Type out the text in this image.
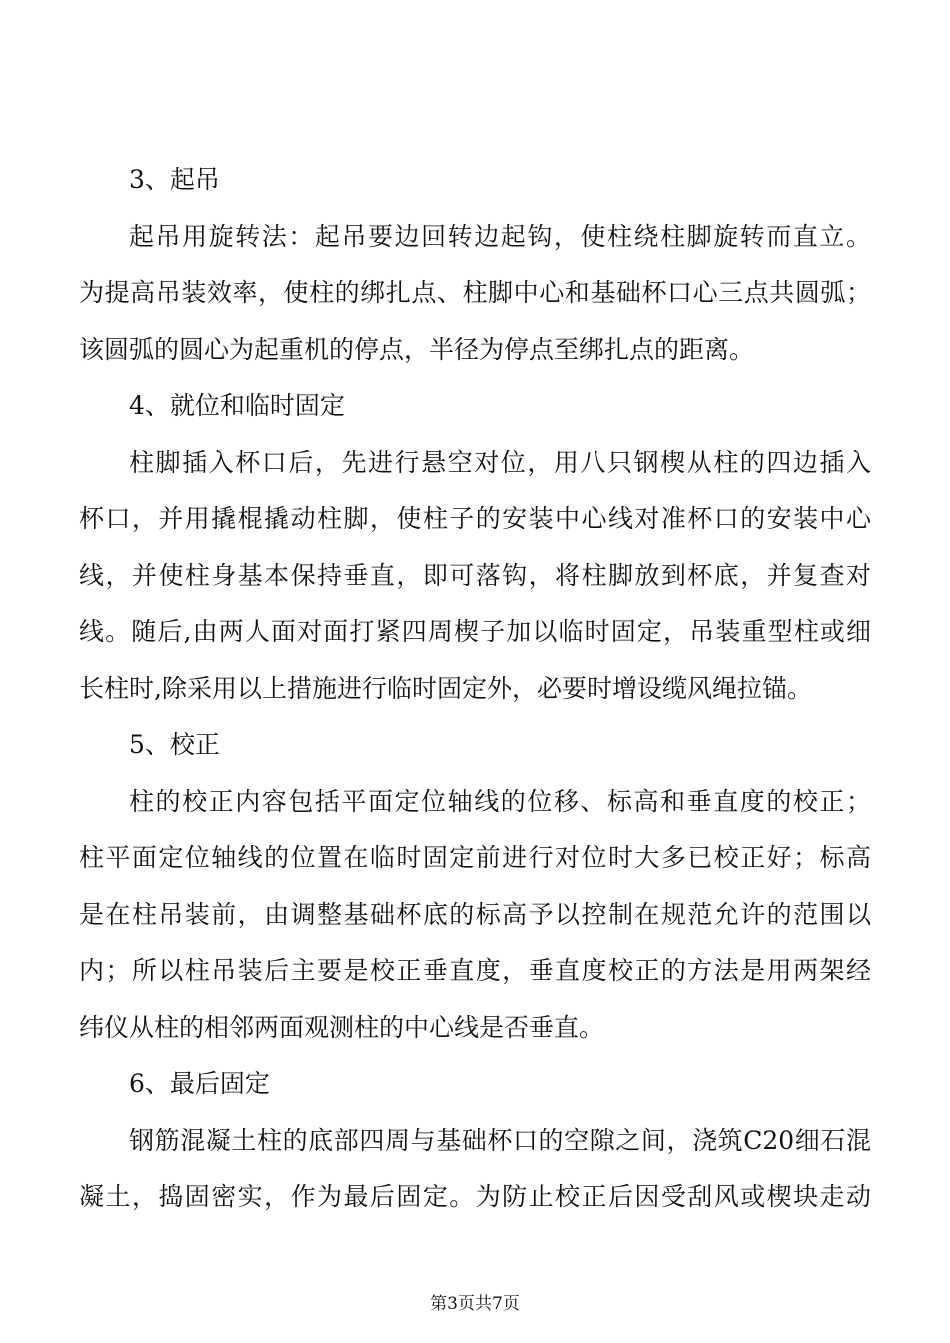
3、起吊
起吊用旋转法：起吊要边回转边起钩，使柱绕柱脚旋转而直立。
为提高吊装效率，使柱的绑扎点、柱脚中心和基础杯口心三点共圆弧；
该圆弧的圆心为起重机的停点，半径为停点至绑扎点的距离。
4、就位和临时固定
柱脚插入杯口后，先进行悬空对位，用八只钢楔从柱的四边插入
杯口，并用撬棍撬动柱脚，使柱子的安装中心线对准杯口的安装中心
线，并使柱身基本保持垂直，即可落钩，将柱脚放到杯底，并复查对
线。随后,由两人面对面打紧四周楔子加以临时固定，吊装重型柱或细
长柱时,除采用以上措施进行临时固定外，必要时增设缆风绳拉锚。
5、校正
柱的校正内容包括平面定位轴线的位移、标高和垂直度的校正；
柱平面定位轴线的位置在临时固定前进行对位时大多已校正好；标高
是在柱吊装前，由调整基础杯底的标高予以控制在规范允许的范围以
内；所以柱吊装后主要是校正垂直度，垂直度校正的方法是用两架经
纬仪从柱的相邻两面观测柱的中心线是否垂直。
6、最后固定
钢筋混凝土柱的底部四周与基础杯口的空隙之间，浇筑C20细石混
凝土，捣固密实，作为最后固定。为防止校正后因受刮风或楔块走动
第3页共7页
